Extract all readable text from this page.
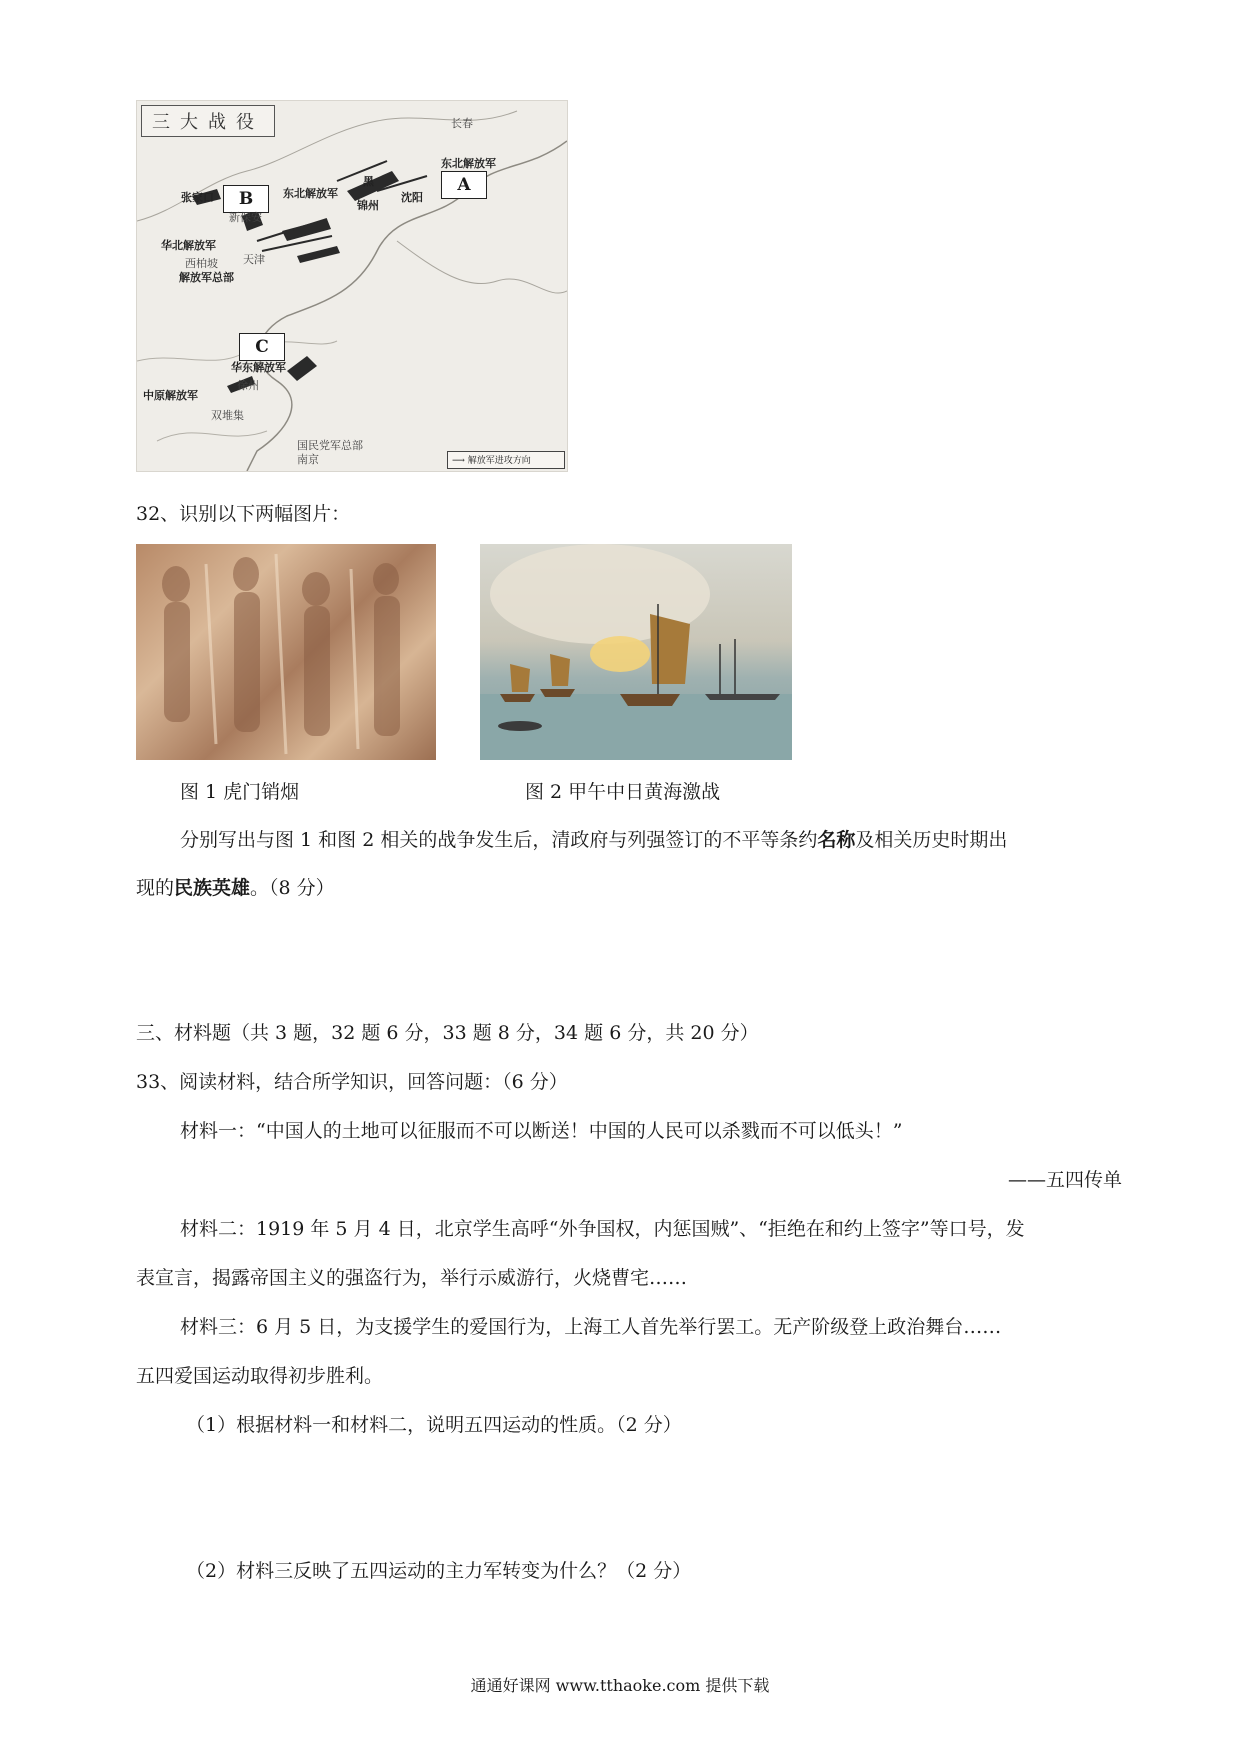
三大战役
A
B
C
长春
东北解放军
东北解放军
黑
沈阳
锦州
张家口
新保安
华北解放军
天津
西柏坡
解放军总部
华东解放军
徐州
中原解放军
双堆集
国民党军总部
南京	⟶ 解放军进攻方向
32、识别以下两幅图片：
图 1 虎门销烟	图 2 甲午中日黄海激战
分别写出与图 1 和图 2 相关的战争发生后，清政府与列强签订的不平等条约名称及相关历史时期出
现的民族英雄。（8 分）
三、材料题（共 3 题，32 题 6 分，33 题 8 分，34 题 6 分，共 20 分）
33、阅读材料，结合所学知识，回答问题：（6 分）
材料一：“中国人的土地可以征服而不可以断送！中国的人民可以杀戮而不可以低头！”
——五四传单
材料二：1919 年 5 月 4 日，北京学生高呼“外争国权，内惩国贼”、“拒绝在和约上签字”等口号，发
表宣言，揭露帝国主义的强盗行为，举行示威游行，火烧曹宅……
材料三：6 月 5 日，为支援学生的爱国行为，上海工人首先举行罢工。无产阶级登上政治舞台……
五四爱国运动取得初步胜利。
（1）根据材料一和材料二，说明五四运动的性质。（2 分）
（2）材料三反映了五四运动的主力军转变为什么？（2 分）
通通好课网 www.tthaoke.com 提供下载
